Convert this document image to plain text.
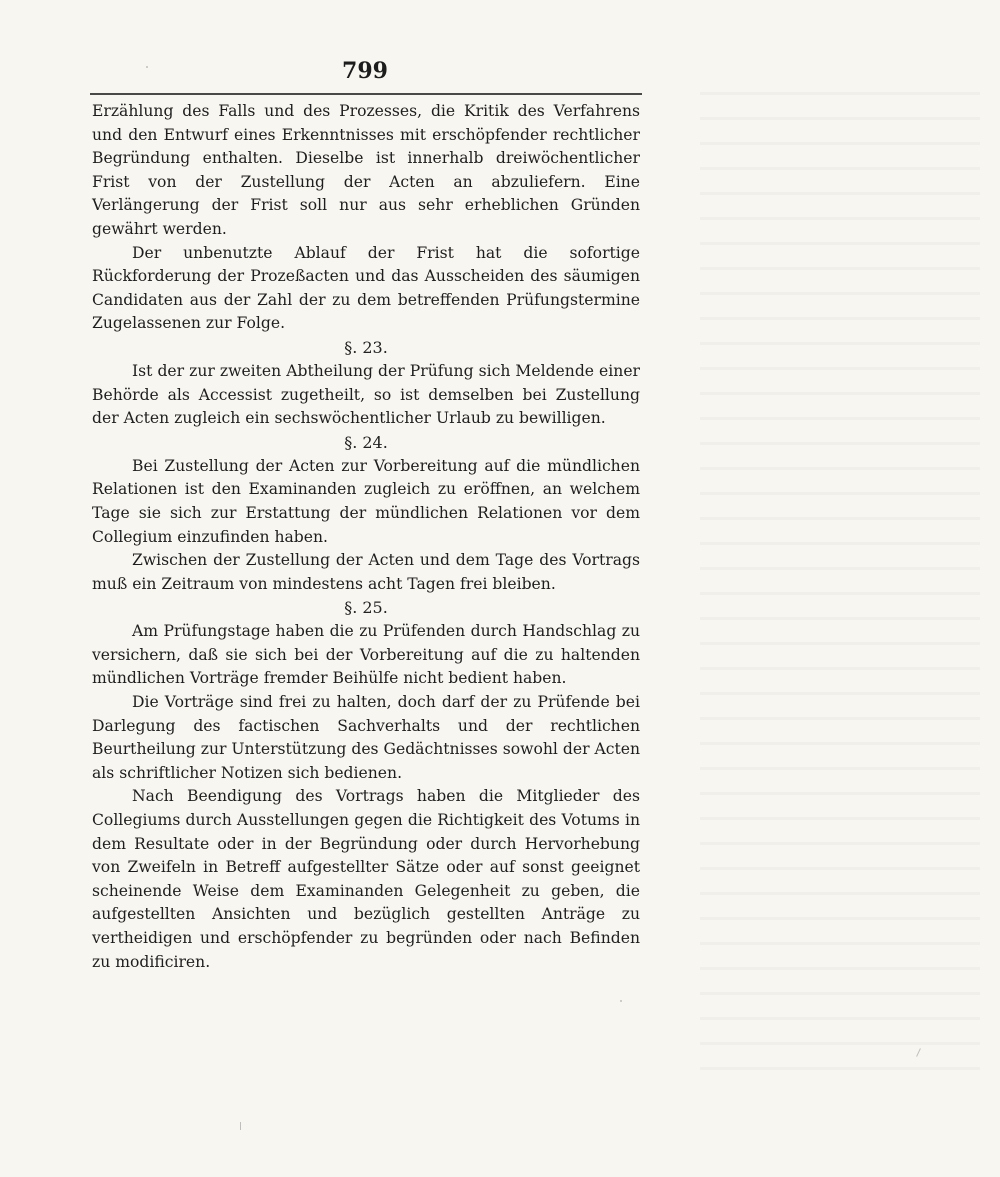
799

Erzählung des Falls und des Prozesses, die Kritik des Verfahrens und den Entwurf eines Erkenntnisses mit erschöpfender rechtlicher Begründung enthalten. Dieselbe ist innerhalb dreiwöchentlicher Frist von der Zustellung der Acten an abzuliefern. Eine Verlängerung der Frist soll nur aus sehr erheblichen Gründen gewährt werden.

Der unbenutzte Ablauf der Frist hat die sofortige Rückforderung der Prozeßacten und das Ausscheiden des säumigen Candidaten aus der Zahl der zu dem betreffenden Prüfungstermine Zugelassenen zur Folge.

§. 23.

Ist der zur zweiten Abtheilung der Prüfung sich Meldende einer Behörde als Accessist zugetheilt, so ist demselben bei Zustellung der Acten zugleich ein sechswöchentlicher Urlaub zu bewilligen.

§. 24.

Bei Zustellung der Acten zur Vorbereitung auf die mündlichen Relationen ist den Examinanden zugleich zu eröffnen, an welchem Tage sie sich zur Erstattung der mündlichen Relationen vor dem Collegium einzufinden haben.

Zwischen der Zustellung der Acten und dem Tage des Vortrags muß ein Zeitraum von mindestens acht Tagen frei bleiben.

§. 25.

Am Prüfungstage haben die zu Prüfenden durch Handschlag zu versichern, daß sie sich bei der Vorbereitung auf die zu haltenden mündlichen Vorträge fremder Beihülfe nicht bedient haben.

Die Vorträge sind frei zu halten, doch darf der zu Prüfende bei Darlegung des factischen Sachverhalts und der rechtlichen Beurtheilung zur Unterstützung des Gedächtnisses sowohl der Acten als schriftlicher Notizen sich bedienen.

Nach Beendigung des Vortrags haben die Mitglieder des Collegiums durch Ausstellungen gegen die Richtigkeit des Votums in dem Resultate oder in der Begründung oder durch Hervorhebung von Zweifeln in Betreff aufgestellter Sätze oder auf sonst geeignet scheinende Weise dem Examinanden Gelegenheit zu geben, die aufgestellten Ansichten und bezüglich gestellten Anträge zu vertheidigen und erschöpfender zu begründen oder nach Befinden zu modificiren.
